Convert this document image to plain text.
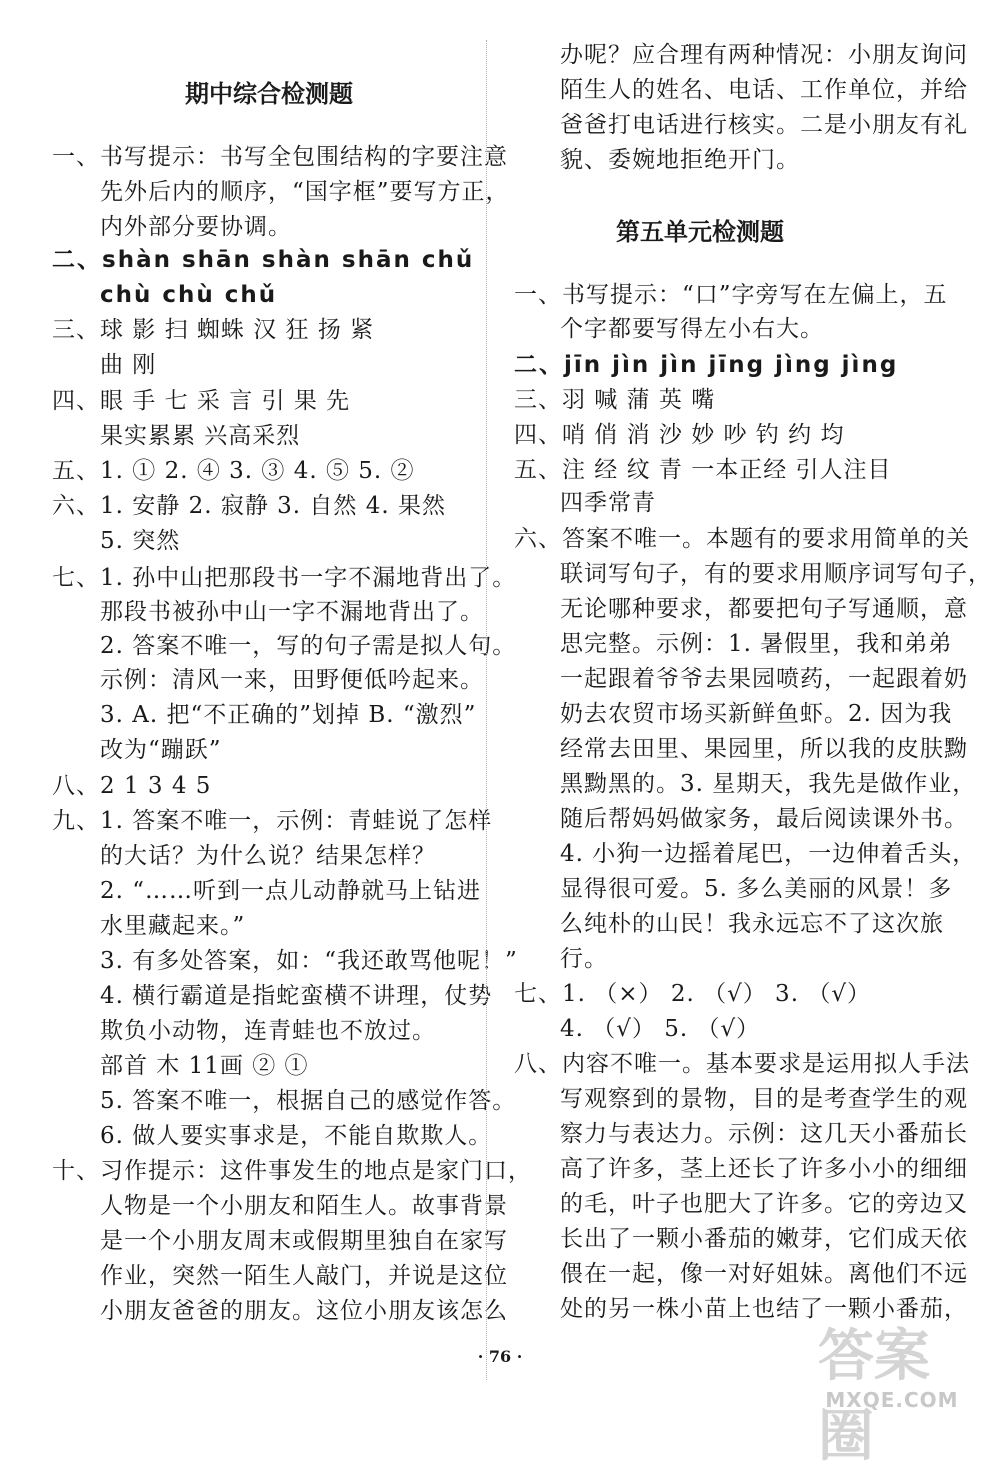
期中综合检测题
一、书写提示：书写全包围结构的字要注意
先外后内的顺序，“国字框”要写方正，
内外部分要协调。
二、shàn shān shàn shān chǔ
chù chù chǔ
三、球 影 扫 蜘蛛 汉 狂 扬 紧
曲 刚
四、眼 手 七 采 言 引 果 先
果实累累 兴高采烈
五、1. ① 2. ④ 3. ③ 4. ⑤ 5. ②
六、1. 安静 2. 寂静 3. 自然 4. 果然
5. 突然
七、1. 孙中山把那段书一字不漏地背出了。
那段书被孙中山一字不漏地背出了。
2. 答案不唯一，写的句子需是拟人句。
示例：清风一来，田野便低吟起来。
3. A. 把“不正确的”划掉 B. “激烈”
改为“蹦跃”
八、2 1 3 4 5
九、1. 答案不唯一，示例：青蛙说了怎样
的大话？为什么说？结果怎样？
2. “……听到一点儿动静就马上钻进
水里藏起来。”
3. 有多处答案，如：“我还敢骂他呢！”
4. 横行霸道是指蛇蛮横不讲理，仗势
欺负小动物，连青蛙也不放过。
部首 木 11画 ② ①
5. 答案不唯一，根据自己的感觉作答。
6. 做人要实事求是，不能自欺欺人。
十、习作提示：这件事发生的地点是家门口，
人物是一个小朋友和陌生人。故事背景
是一个小朋友周末或假期里独自在家写
作业，突然一陌生人敲门，并说是这位
小朋友爸爸的朋友。这位小朋友该怎么
办呢？应合理有两种情况：小朋友询问
陌生人的姓名、电话、工作单位，并给
爸爸打电话进行核实。二是小朋友有礼
貌、委婉地拒绝开门。
第五单元检测题
一、书写提示：“口”字旁写在左偏上，五
个字都要写得左小右大。
二、jīn jìn jìn jīng jìng jìng
三、羽 喊 蒲 英 嘴
四、哨 俏 消 沙 妙 吵 钓 约 均
五、注 经 纹 青 一本正经 引人注目
四季常青
六、答案不唯一。本题有的要求用简单的关
联词写句子，有的要求用顺序词写句子，
无论哪种要求，都要把句子写通顺，意
思完整。示例：1. 暑假里，我和弟弟
一起跟着爷爷去果园喷药，一起跟着奶
奶去农贸市场买新鲜鱼虾。2. 因为我
经常去田里、果园里，所以我的皮肤黝
黑黝黑的。3. 星期天，我先是做作业，
随后帮妈妈做家务，最后阅读课外书。
4. 小狗一边摇着尾巴，一边伸着舌头，
显得很可爱。5. 多么美丽的风景！多
么纯朴的山民！我永远忘不了这次旅
行。
七、1. （×） 2. （√） 3. （√）
4. （√） 5. （√）
八、内容不唯一。基本要求是运用拟人手法
写观察到的景物，目的是考查学生的观
察力与表达力。示例：这几天小番茄长
高了许多，茎上还长了许多小小的细细
的毛，叶子也肥大了许多。它的旁边又
长出了一颗小番茄的嫩芽，它们成天依
偎在一起，像一对好姐妹。离他们不远
处的另一株小苗上也结了一颗小番茄，
· 76 ·	答案圈
MXQE.COM
